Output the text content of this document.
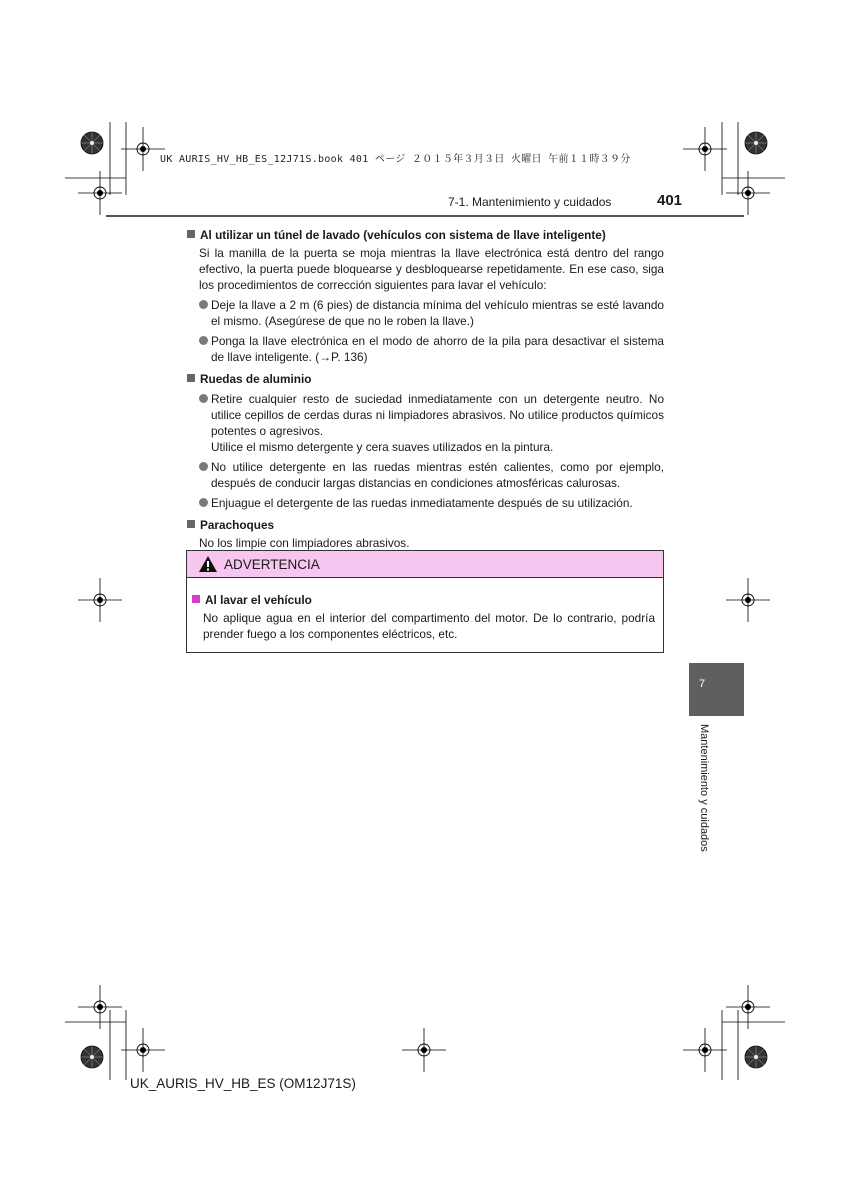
UK AURIS_HV_HB_ES_12J71S.book 401 ページ ２０１５年３月３日 火曜日 午前１１時３９分
7-1. Mantenimiento y cuidados	401
Al utilizar un túnel de lavado (vehículos con sistema de llave inteligente)
Si la manilla de la puerta se moja mientras la llave electrónica está dentro del rango efectivo, la puerta puede bloquearse y desbloquearse repetidamente. En ese caso, siga los procedimientos de corrección siguientes para lavar el vehículo:
Deje la llave a 2 m (6 pies) de distancia mínima del vehículo mientras se esté lavando el mismo. (Asegúrese de que no le roben la llave.)
Ponga la llave electrónica en el modo de ahorro de la pila para desactivar el sistema de llave inteligente. (→P. 136)
Ruedas de aluminio
Retire cualquier resto de suciedad inmediatamente con un detergente neutro. No utilice cepillos de cerdas duras ni limpiadores abrasivos. No utilice productos químicos potentes o agresivos.
Utilice el mismo detergente y cera suaves utilizados en la pintura.
No utilice detergente en las ruedas mientras estén calientes, como por ejemplo, después de conducir largas distancias en condiciones atmosféricas calurosas.
Enjuague el detergente de las ruedas inmediatamente después de su utilización.
Parachoques
No los limpie con limpiadores abrasivos.
ADVERTENCIA
Al lavar el vehículo
No aplique agua en el interior del compartimento del motor. De lo contrario, podría prender fuego a los componentes eléctricos, etc.
7
Mantenimiento y cuidados
UK_AURIS_HV_HB_ES (OM12J71S)
